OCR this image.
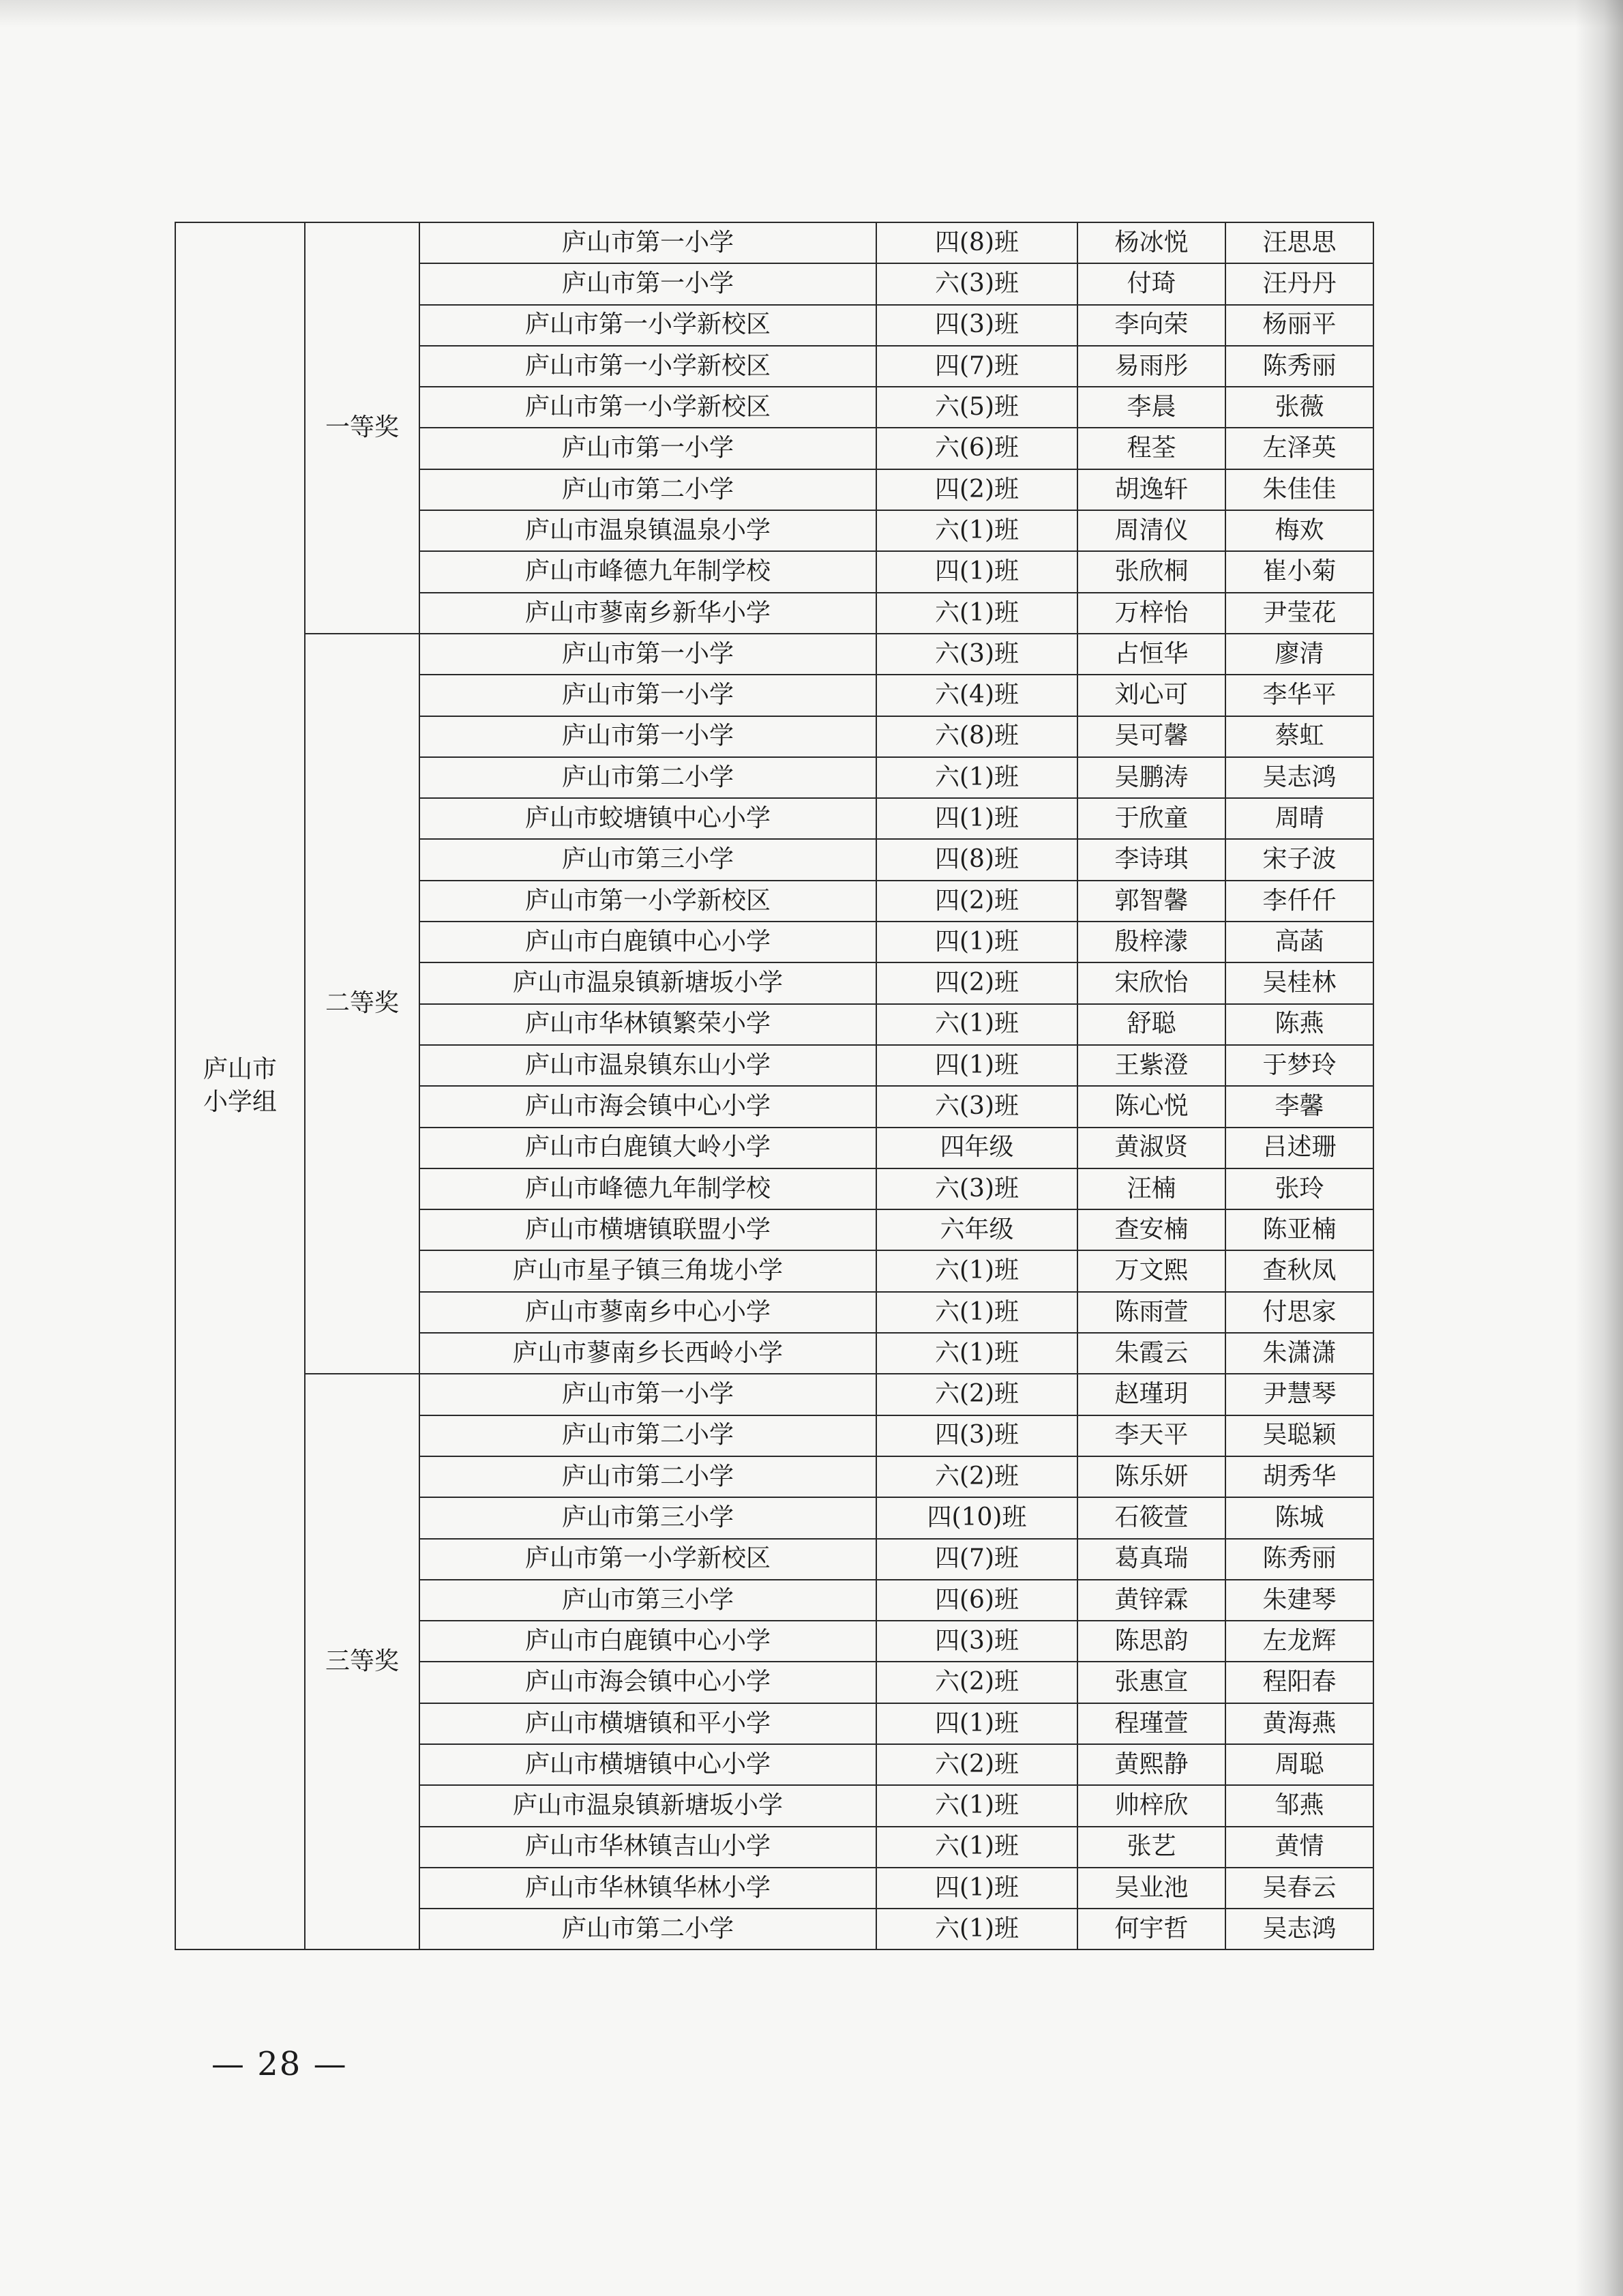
庐山市
小学组	一等奖	庐山市第一小学	四(8)班	杨冰悦	汪思思
		庐山市第一小学	六(3)班	付琦	汪丹丹
		庐山市第一小学新校区	四(3)班	李向荣	杨丽平
		庐山市第一小学新校区	四(7)班	易雨彤	陈秀丽
		庐山市第一小学新校区	六(5)班	李晨	张薇
		庐山市第一小学	六(6)班	程荃	左泽英
		庐山市第二小学	四(2)班	胡逸轩	朱佳佳
		庐山市温泉镇温泉小学	六(1)班	周清仪	梅欢
		庐山市峰德九年制学校	四(1)班	张欣桐	崔小菊
		庐山市蓼南乡新华小学	六(1)班	万梓怡	尹莹花
	二等奖	庐山市第一小学	六(3)班	占恒华	廖清
		庐山市第一小学	六(4)班	刘心可	李华平
		庐山市第一小学	六(8)班	吴可馨	蔡虹
		庐山市第二小学	六(1)班	吴鹏涛	吴志鸿
		庐山市蛟塘镇中心小学	四(1)班	于欣童	周晴
		庐山市第三小学	四(8)班	李诗琪	宋子波
		庐山市第一小学新校区	四(2)班	郭智馨	李仟仟
		庐山市白鹿镇中心小学	四(1)班	殷梓濛	高菡
		庐山市温泉镇新塘坂小学	四(2)班	宋欣怡	吴桂林
		庐山市华林镇繁荣小学	六(1)班	舒聪	陈燕
		庐山市温泉镇东山小学	四(1)班	王紫澄	于梦玲
		庐山市海会镇中心小学	六(3)班	陈心悦	李馨
		庐山市白鹿镇大岭小学	四年级	黄淑贤	吕述珊
		庐山市峰德九年制学校	六(3)班	汪楠	张玲
		庐山市横塘镇联盟小学	六年级	查安楠	陈亚楠
		庐山市星子镇三角垅小学	六(1)班	万文熙	查秋凤
		庐山市蓼南乡中心小学	六(1)班	陈雨萱	付思家
		庐山市蓼南乡长西岭小学	六(1)班	朱霞云	朱潇潇
	三等奖	庐山市第一小学	六(2)班	赵瑾玥	尹慧琴
		庐山市第二小学	四(3)班	李天平	吴聪颖
		庐山市第二小学	六(2)班	陈乐妍	胡秀华
		庐山市第三小学	四(10)班	石筱萱	陈城
		庐山市第一小学新校区	四(7)班	葛真瑞	陈秀丽
		庐山市第三小学	四(6)班	黄锌霖	朱建琴
		庐山市白鹿镇中心小学	四(3)班	陈思韵	左龙辉
		庐山市海会镇中心小学	六(2)班	张惠宣	程阳春
		庐山市横塘镇和平小学	四(1)班	程瑾萱	黄海燕
		庐山市横塘镇中心小学	六(2)班	黄熙静	周聪
		庐山市温泉镇新塘坂小学	六(1)班	帅梓欣	邹燕
		庐山市华林镇吉山小学	六(1)班	张艺	黄情
		庐山市华林镇华林小学	四(1)班	吴业池	吴春云
		庐山市第二小学	六(1)班	何宇哲	吴志鸿
— 28 —
